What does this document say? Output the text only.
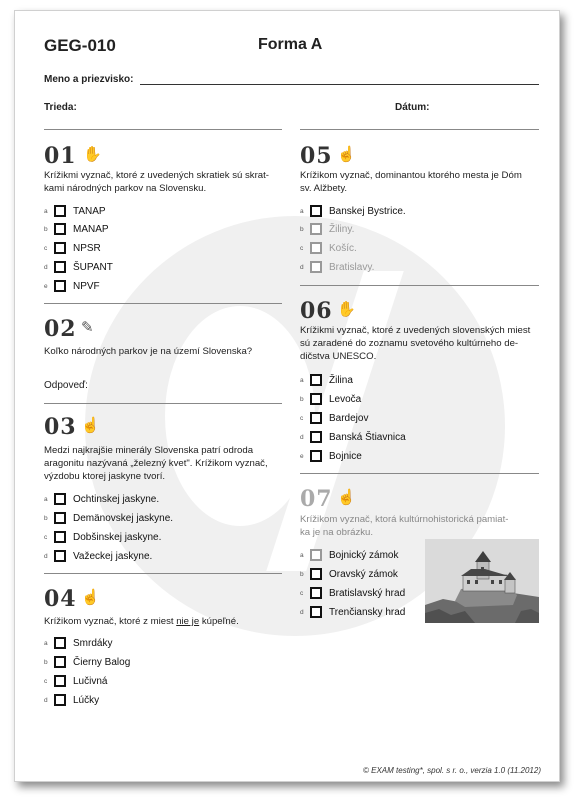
GEG-010	Forma A
Meno a priezvisko:
Trieda:	Dátum:
01 ✋
Krížikmi vyznač, ktoré z uvedených skratiek sú skrat-
kami národných parkov na Slovensku.
a	TANAP
b	MANAP
c	NPSR
d	ŠUPANT
e	NPVF
02 ✎
Koľko národných parkov je na území Slovenska?
Odpoveď:
03 ☝
Medzi najkrajšie minerály Slovenska patrí odroda
aragonitu nazývaná „železný kvet". Krížikom vyznač,
výzdobu ktorej jaskyne tvorí.
a	Ochtinskej jaskyne.
b	Demänovskej jaskyne.
c	Dobšinskej jaskyne.
d	Važeckej jaskyne.
04 ☝
Krížikom vyznač, ktoré z miest nie je kúpeľné.
a	Smrdáky
b	Čierny Balog
c	Lučivná
d	Lúčky
05 ☝
Krížikom vyznač, dominantou ktorého mesta je Dóm
sv. Alžbety.
a	Banskej Bystrice.
b	Žiliny.
c	Košíc.
d	Bratislavy.
06 ✋
Krížikmi vyznač, ktoré z uvedených slovenských miest
sú zaradené do zoznamu svetového kultúrneho de-
dičstva UNESCO.
a	Žilina
b	Levoča
c	Bardejov
d	Banská Štiavnica
e	Bojnice
07 ☝
Krížikom vyznač, ktorá kultúrnohistorická pamiat-
ka je na obrázku.
a	Bojnický zámok
b	Oravský zámok
c	Bratislavský hrad
d	Trenčiansky hrad
© EXAM testing*, spol. s r. o., verzia 1.0 (11.2012)
